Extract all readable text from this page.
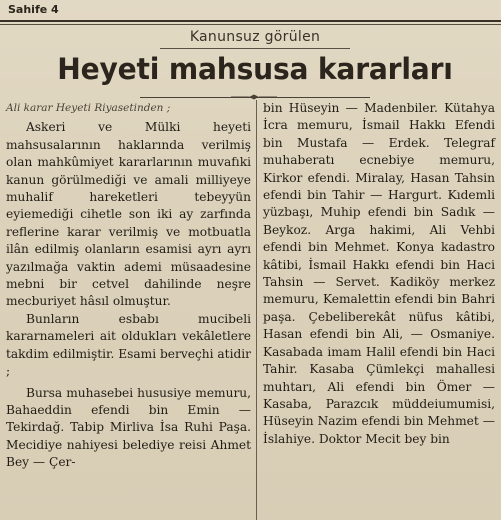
Sahife 4
Kanunsuz görülen
Heyeti mahsusa kararları

Ali karar Heyeti Riyasetinden ;

Askeri ve Mülki heyeti mahsusalarının haklarında verilmiş olan mahkûmiyet kararlarının muvafıki kanun görülmediği ve amali milliyeye muhalif hareketleri tebeyyün eyiemediği cihetle son iki ay zarfında reflerine karar verilmiş ve motbuatla ilân edilmiş olanların esamisi ayrı ayrı yazılmağa vaktin ademi müsaadesine mebni bir cetvel dahilinde neşre mecburiyet hâsıl olmuştur.

Bunların esbabı mucibeli kararnameleri ait oldukları vekâletlere takdim edilmiştir. Esami berveçhi atidir ;

Bursa muhasebei hususiye memuru, Bahaeddin efendi bin Emin — Tekirdağ. Tabip Mirliva İsa Ruhi Paşa. Mecidiye nahiyesi belediye reisi Ahmet Bey — Çer-

bin Hüseyin — Madenbiler. Kütahya İcra memuru, İsmail Hakkı Efendi bin Mustafa — Erdek. Telegraf muhaberatı ecnebiye memuru, Kirkor efendi. Miralay, Hasan Tahsin efendi bin Tahir — Hargurt. Kıdemli yüzbaşı, Muhip efendi bin Sadık — Beykoz. Arga hakimi, Ali Vehbi efendi bin Mehmet. Konya kadastro kâtibi, İsmail Hakkı efendi bin Haci Tahsin — Servet. Kadiköy merkez memuru, Kemalettin efendi bin Bahri paşa. Çebeliberekât nüfus kâtibi, Hasan efendi bin Ali, — Osmaniye. Kasabada imam Halil efendi bin Haci Tahir. Kasaba Çümlekçi mahallesi muhtarı, Ali efendi bin Ömer — Kasaba, Parazcık müddeiumumisi, Hüseyin Nazim efendi bin Mehmet — İslahiye. Doktor Mecit bey bin
